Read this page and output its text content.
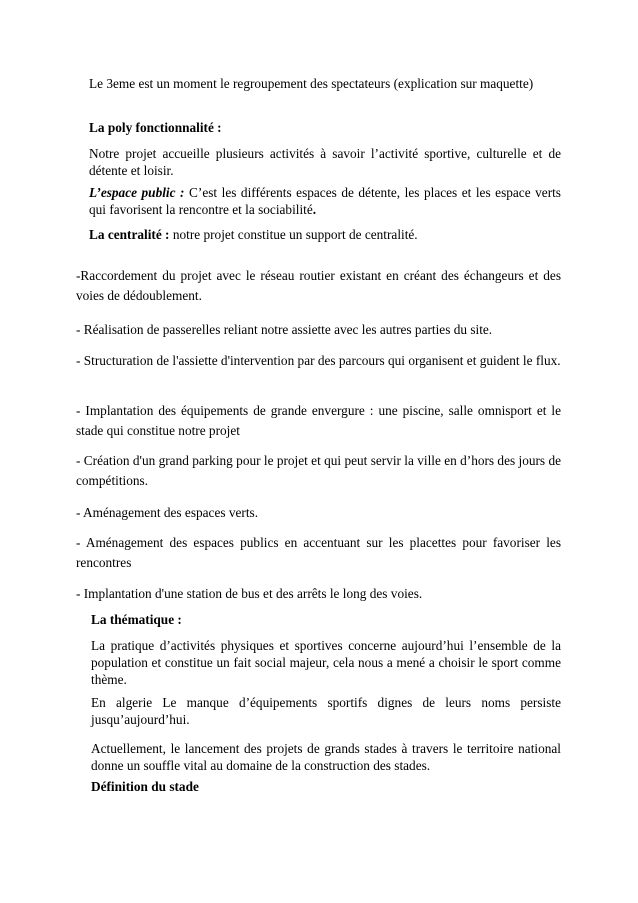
Le 3eme est un moment le regroupement des spectateurs (explication sur maquette)

La poly fonctionnalité :

Notre projet accueille plusieurs activités à savoir l’activité sportive, culturelle et de détente et loisir.

L’espace public : C’est les différents espaces de détente, les places et les espace verts qui favorisent la rencontre et la sociabilité.

La centralité : notre projet constitue un support de centralité.

-Raccordement du projet avec le réseau routier existant en créant des échangeurs et des voies de dédoublement.

- Réalisation de passerelles reliant notre assiette avec les autres parties du site.

- Structuration de l'assiette d'intervention par des parcours qui organisent et guident le flux.

- Implantation des équipements de grande envergure : une piscine, salle omnisport et le stade qui constitue notre projet

- Création d'un grand parking pour le projet et qui peut servir la ville en d’hors des jours de compétitions.

- Aménagement des espaces verts.

- Aménagement des espaces publics en accentuant sur les placettes pour favoriser les rencontres

- Implantation d'une station de bus et des arrêts le long des voies.

La thématique :

La pratique d’activités physiques et sportives concerne aujourd’hui l’ensemble de la population et constitue un fait social majeur, cela nous a mené a choisir le sport comme thème.

En algerie Le manque d’équipements sportifs dignes de leurs noms persiste jusqu’aujourd’hui.

Actuellement, le lancement des projets de grands stades à travers le territoire national donne un souffle vital au domaine de la construction des stades.

Définition du stade
